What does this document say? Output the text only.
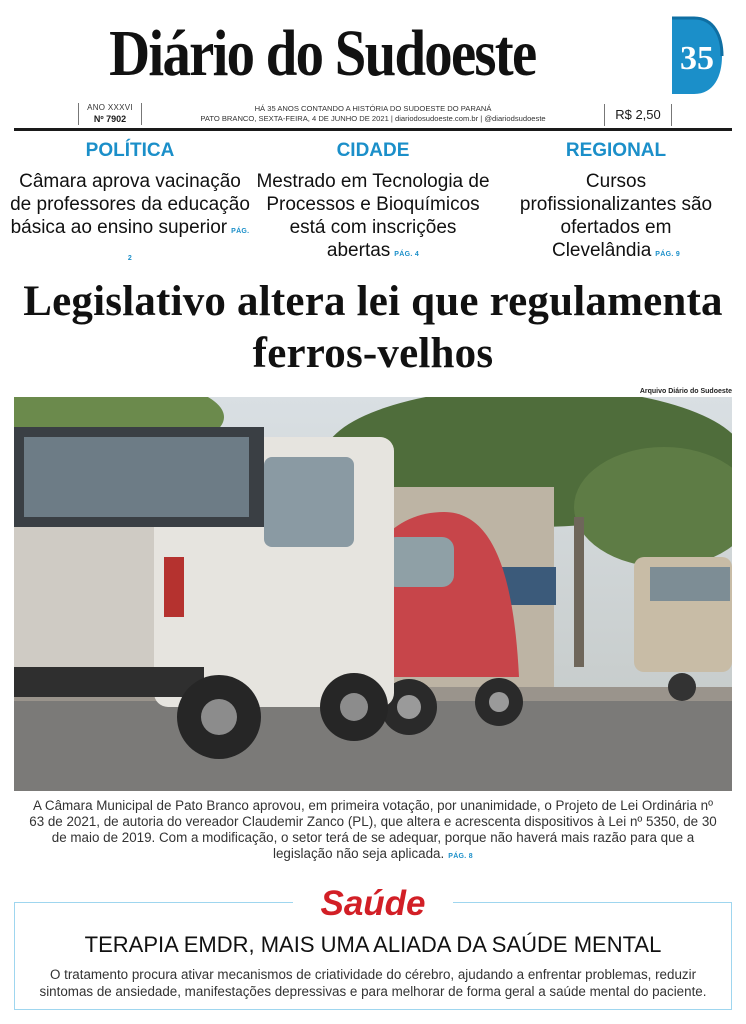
Diário do Sudoeste	35
ANO XXXVI
Nº 7902
HÁ 35 ANOS CONTANDO A HISTÓRIA DO SUDOESTE DO PARANÁ
PATO BRANCO, SEXTA-FEIRA, 4 DE JUNHO DE 2021 | diariodosudoeste.com.br | @diariodsudoeste	R$ 2,50
POLÍTICA
Câmara aprova vacinação de professores da educação básica ao ensino superior PÁG. 2
CIDADE
Mestrado em Tecnologia de Processos e Bioquímicos está com inscrições abertas PÁG. 4
REGIONAL
Cursos profissionalizantes são ofertados em Clevelândia PÁG. 9
Legislativo altera lei que regulamenta ferros-velhos
Arquivo Diário do Sudoeste

A Câmara Municipal de Pato Branco aprovou, em primeira votação, por unanimidade, o Projeto de Lei Ordinária nº 63 de 2021, de autoria do vereador Claudemir Zanco (PL), que altera e acrescenta dispositivos à Lei nº 5350, de 30 de maio de 2019. Com a modificação, o setor terá de se adequar, porque não haverá mais razão para que a legislação não seja aplicada. PÁG. 8

Saúde
TERAPIA EMDR, MAIS UMA ALIADA DA SAÚDE MENTAL
O tratamento procura ativar mecanismos de criatividade do cérebro, ajudando a enfrentar problemas, reduzir sintomas de ansiedade, manifestações depressivas e para melhorar de forma geral a saúde mental do paciente.
